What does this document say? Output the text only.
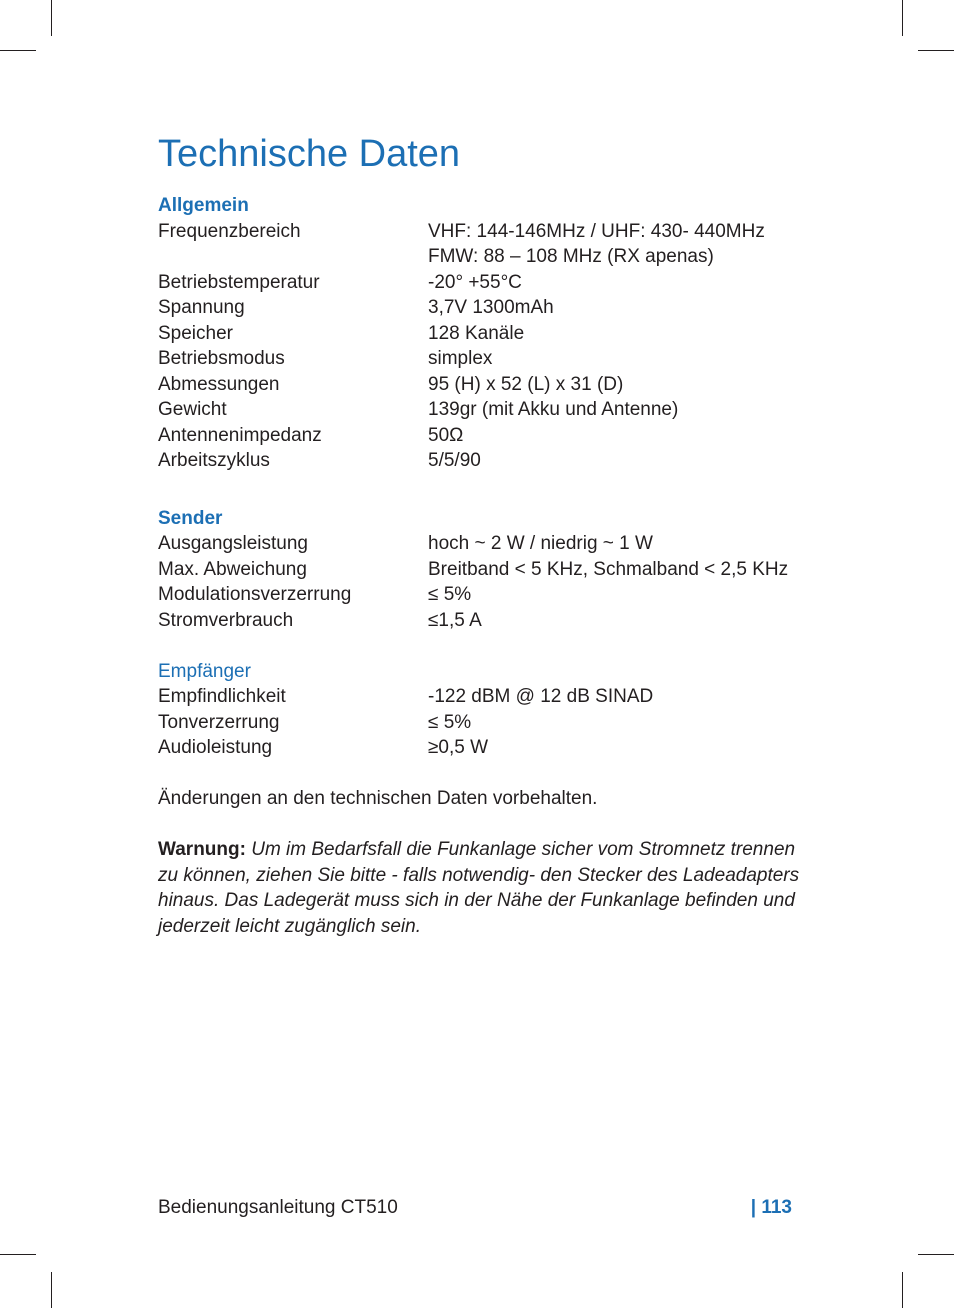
Technische Daten
Allgemein
Frequenzbereich	VHF: 144-146MHz / UHF: 430- 440MHz
FMW: 88 – 108 MHz (RX apenas)
Betriebstemperatur	-20° +55°C
Spannung	3,7V 1300mAh
Speicher	128 Kanäle
Betriebsmodus	simplex
Abmessungen	95 (H) x 52 (L) x 31 (D)
Gewicht	139gr (mit Akku und Antenne)
Antennenimpedanz	50Ω
Arbeitszyklus	5/5/90
Sender
Ausgangsleistung	hoch ~ 2 W / niedrig ~ 1 W
Max. Abweichung	Breitband < 5 KHz, Schmalband < 2,5 KHz
Modulationsverzerrung	≤ 5%
Stromverbrauch	≤1,5 A
Empfänger
Empfindlichkeit	-122 dBM @ 12 dB SINAD
Tonverzerrung	≤ 5%
Audioleistung	≥0,5 W
Änderungen an den technischen Daten vorbehalten.
Warnung: Um im Bedarfsfall die Funkanlage sicher vom Stromnetz trennen
zu können, ziehen Sie bitte - falls notwendig- den Stecker des Ladeadapters
hinaus. Das Ladegerät muss sich in der Nähe der Funkanlage befinden und
jederzeit leicht zugänglich sein.
Bedienungsanleitung CT510	| 113
